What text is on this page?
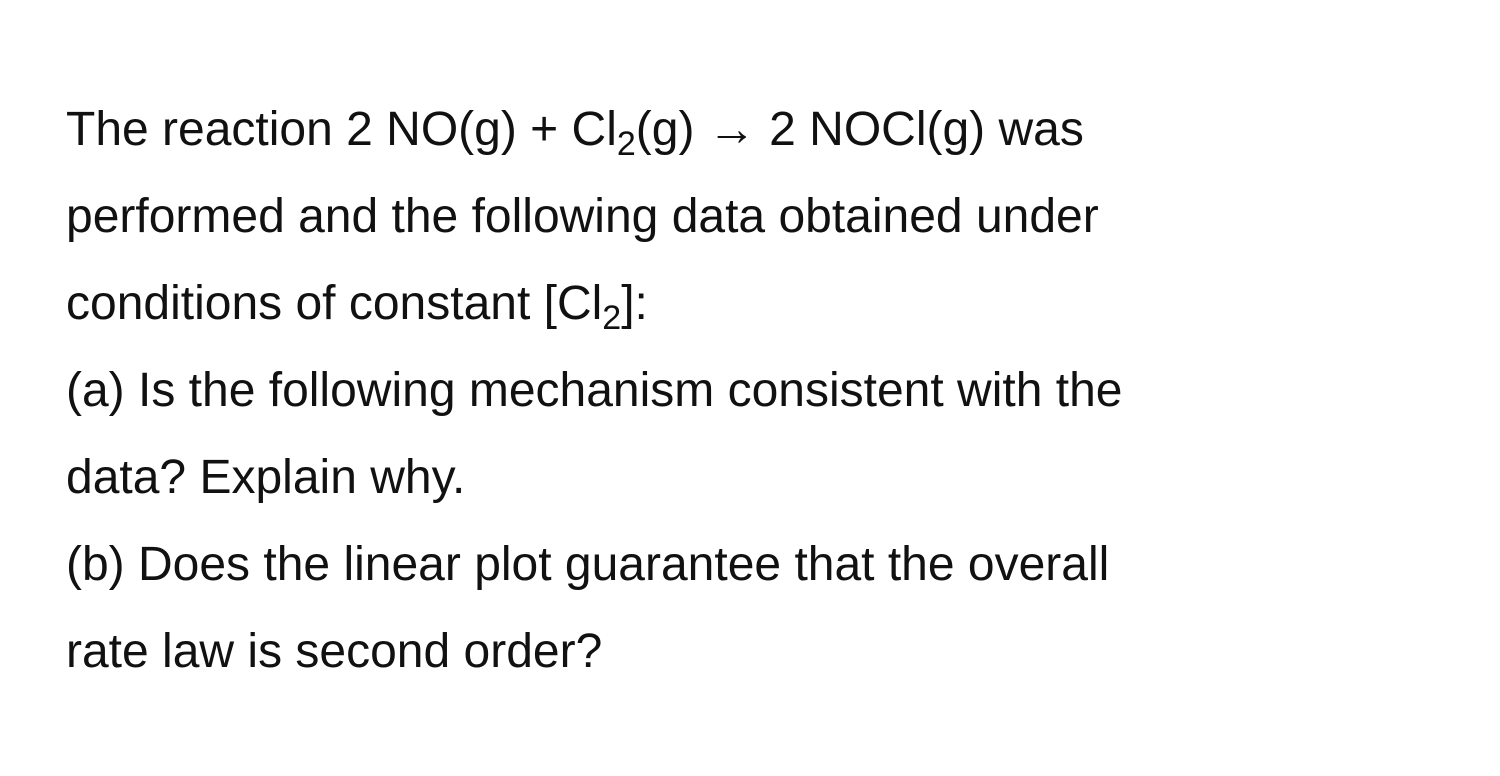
The reaction 2 $NO(g) + Cl_2(g) \to 2$ NOCl(g) was
performed and the following data obtained under
conditions of constant $[Cl_2]$:
(a) Is the following mechanism consistent with the
data? Explain why.
(b) Does the linear plot guarantee that the overall
rate law is second order?
